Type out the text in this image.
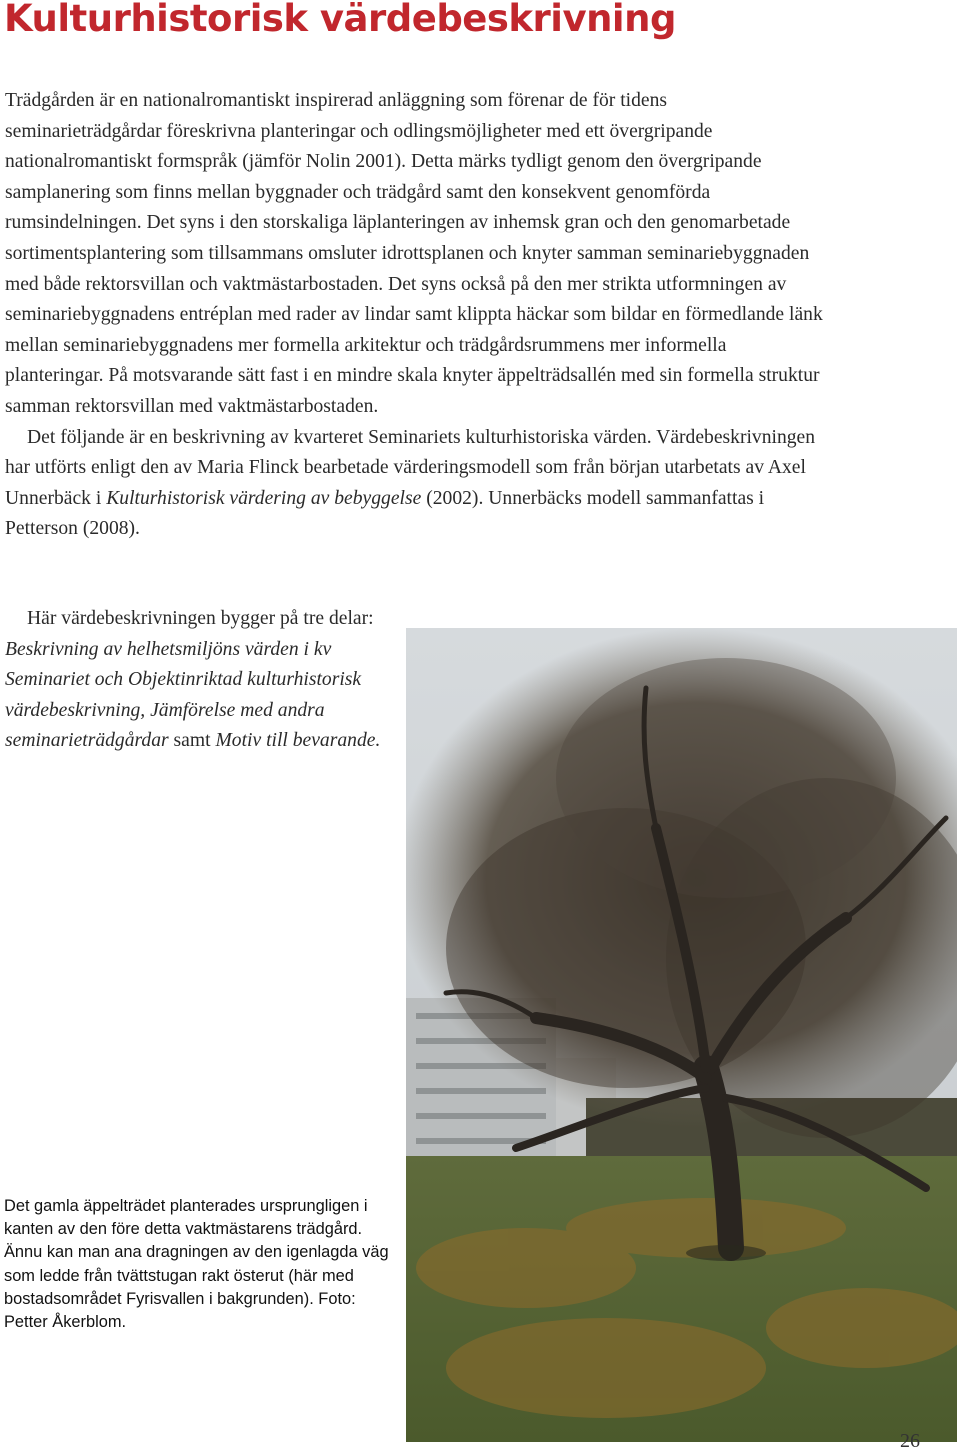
Kulturhistorisk värdebeskrivning

Trädgården är en nationalromantiskt inspirerad anläggning som förenar de för tidens seminarieträdgårdar föreskrivna planteringar och odlingsmöjligheter med ett övergripande nationalromantiskt formspråk (jämför Nolin 2001). Detta märks tydligt genom den övergripande samplanering som finns mellan byggnader och trädgård samt den konsekvent genomförda rumsindelningen. Det syns i den storskaliga läplanteringen av inhemsk gran och den genomarbetade sortimentsplantering som tillsammans omsluter idrottsplanen och knyter samman seminariebyggnaden med både rektorsvillan och vaktmästarbostaden. Det syns också på den mer strikta utformningen av seminariebyggnadens entréplan med rader av lindar samt klippta häckar som bildar en förmedlande länk mellan seminariebyggnadens mer formella arkitektur och trädgårdsrummens mer informella planteringar. På motsvarande sätt fast i en mindre skala knyter äppelträdsallén med sin formella struktur samman rektorsvillan med vaktmästarbostaden.

Det följande är en beskrivning av kvarteret Seminariets kulturhistoriska värden. Värdebeskrivningen har utförts enligt den av Maria Flinck bearbetade värderingsmodell som från början utarbetats av Axel Unnerbäck i Kulturhistorisk värdering av bebyggelse (2002). Unnerbäcks modell sammanfattas i Petterson (2008).

Här värdebeskrivningen bygger på tre delar: Beskrivning av helhetsmiljöns värden i kv Seminariet och Objektinriktad kulturhistorisk värdebeskrivning, Jämförelse med andra seminarieträdgårdar samt Motiv till bevarande.

Det gamla äppelträdet planterades ursprungligen i kanten av den före detta vaktmästarens trädgård. Ännu kan man ana dragningen av den igenlagda väg som ledde från tvättstugan rakt österut (här med bostadsområdet Fyrisvallen i bakgrunden). Foto: Petter Åkerblom.

26
